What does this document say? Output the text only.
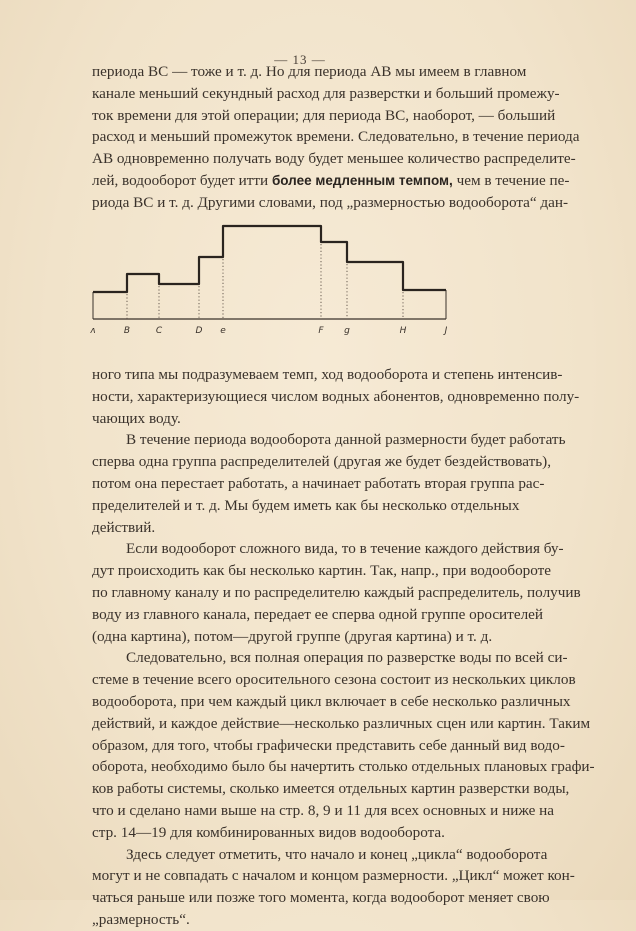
— 13 —
периода ВС — тоже и т. д. Но для периода АВ мы имеем в главном
канале меньший секундный расход для разверстки и больший промежу-
ток времени для этой операции; для периода ВС, наоборот, — больший
расход и меньший промежуток времени. Следовательно, в течение периода
АВ одновременно получать воду будет меньшее количество распределите-
лей, водооборот будет итти более медленным темпом, чем в течение пе-
риода ВС и т. д. Другими словами, под „размерностью водооборота“ дан-
ʌ	B	C	D e	F g	H	J
ного типа мы подразумеваем темп, ход водооборота и степень интенсив-
ности, характеризующиеся числом водных абонентов, одновременно полу-
чающих воду.
В течение периода водооборота данной размерности будет работать
сперва одна группа распределителей (другая же будет бездействовать),
потом она перестает работать, а начинает работать вторая группа рас-
пределителей и т. д. Мы будем иметь как бы несколько отдельных
действий.
Если водооборот сложного вида, то в течение каждого действия бу-
дут происходить как бы несколько картин. Так, напр., при водообороте
по главному каналу и по распределителю каждый распределитель, получив
воду из главного канала, передает ее сперва одной группе оросителей
(одна картина), потом—другой группе (другая картина) и т. д.
Следовательно, вся полная операция по разверстке воды по всей си-
стеме в течение всего оросительного сезона состоит из нескольких циклов
водооборота, при чем каждый цикл включает в себе несколько различных
действий, и каждое действие—несколько различных сцен или картин. Таким
образом, для того, чтобы графически представить себе данный вид водо-
оборота, необходимо было бы начертить столько отдельных плановых графи-
ков работы системы, сколько имеется отдельных картин разверстки воды,
что и сделано нами выше на стр. 8, 9 и 11 для всех основных и ниже на
стр. 14—19 для комбинированных видов водооборота.
Здесь следует отметить, что начало и конец „цикла“ водооборота
могут и не совпадать с началом и концом размерности. „Цикл“ может кон-
чаться раньше или позже того момента, когда водооборот меняет свою
„размерность“.
